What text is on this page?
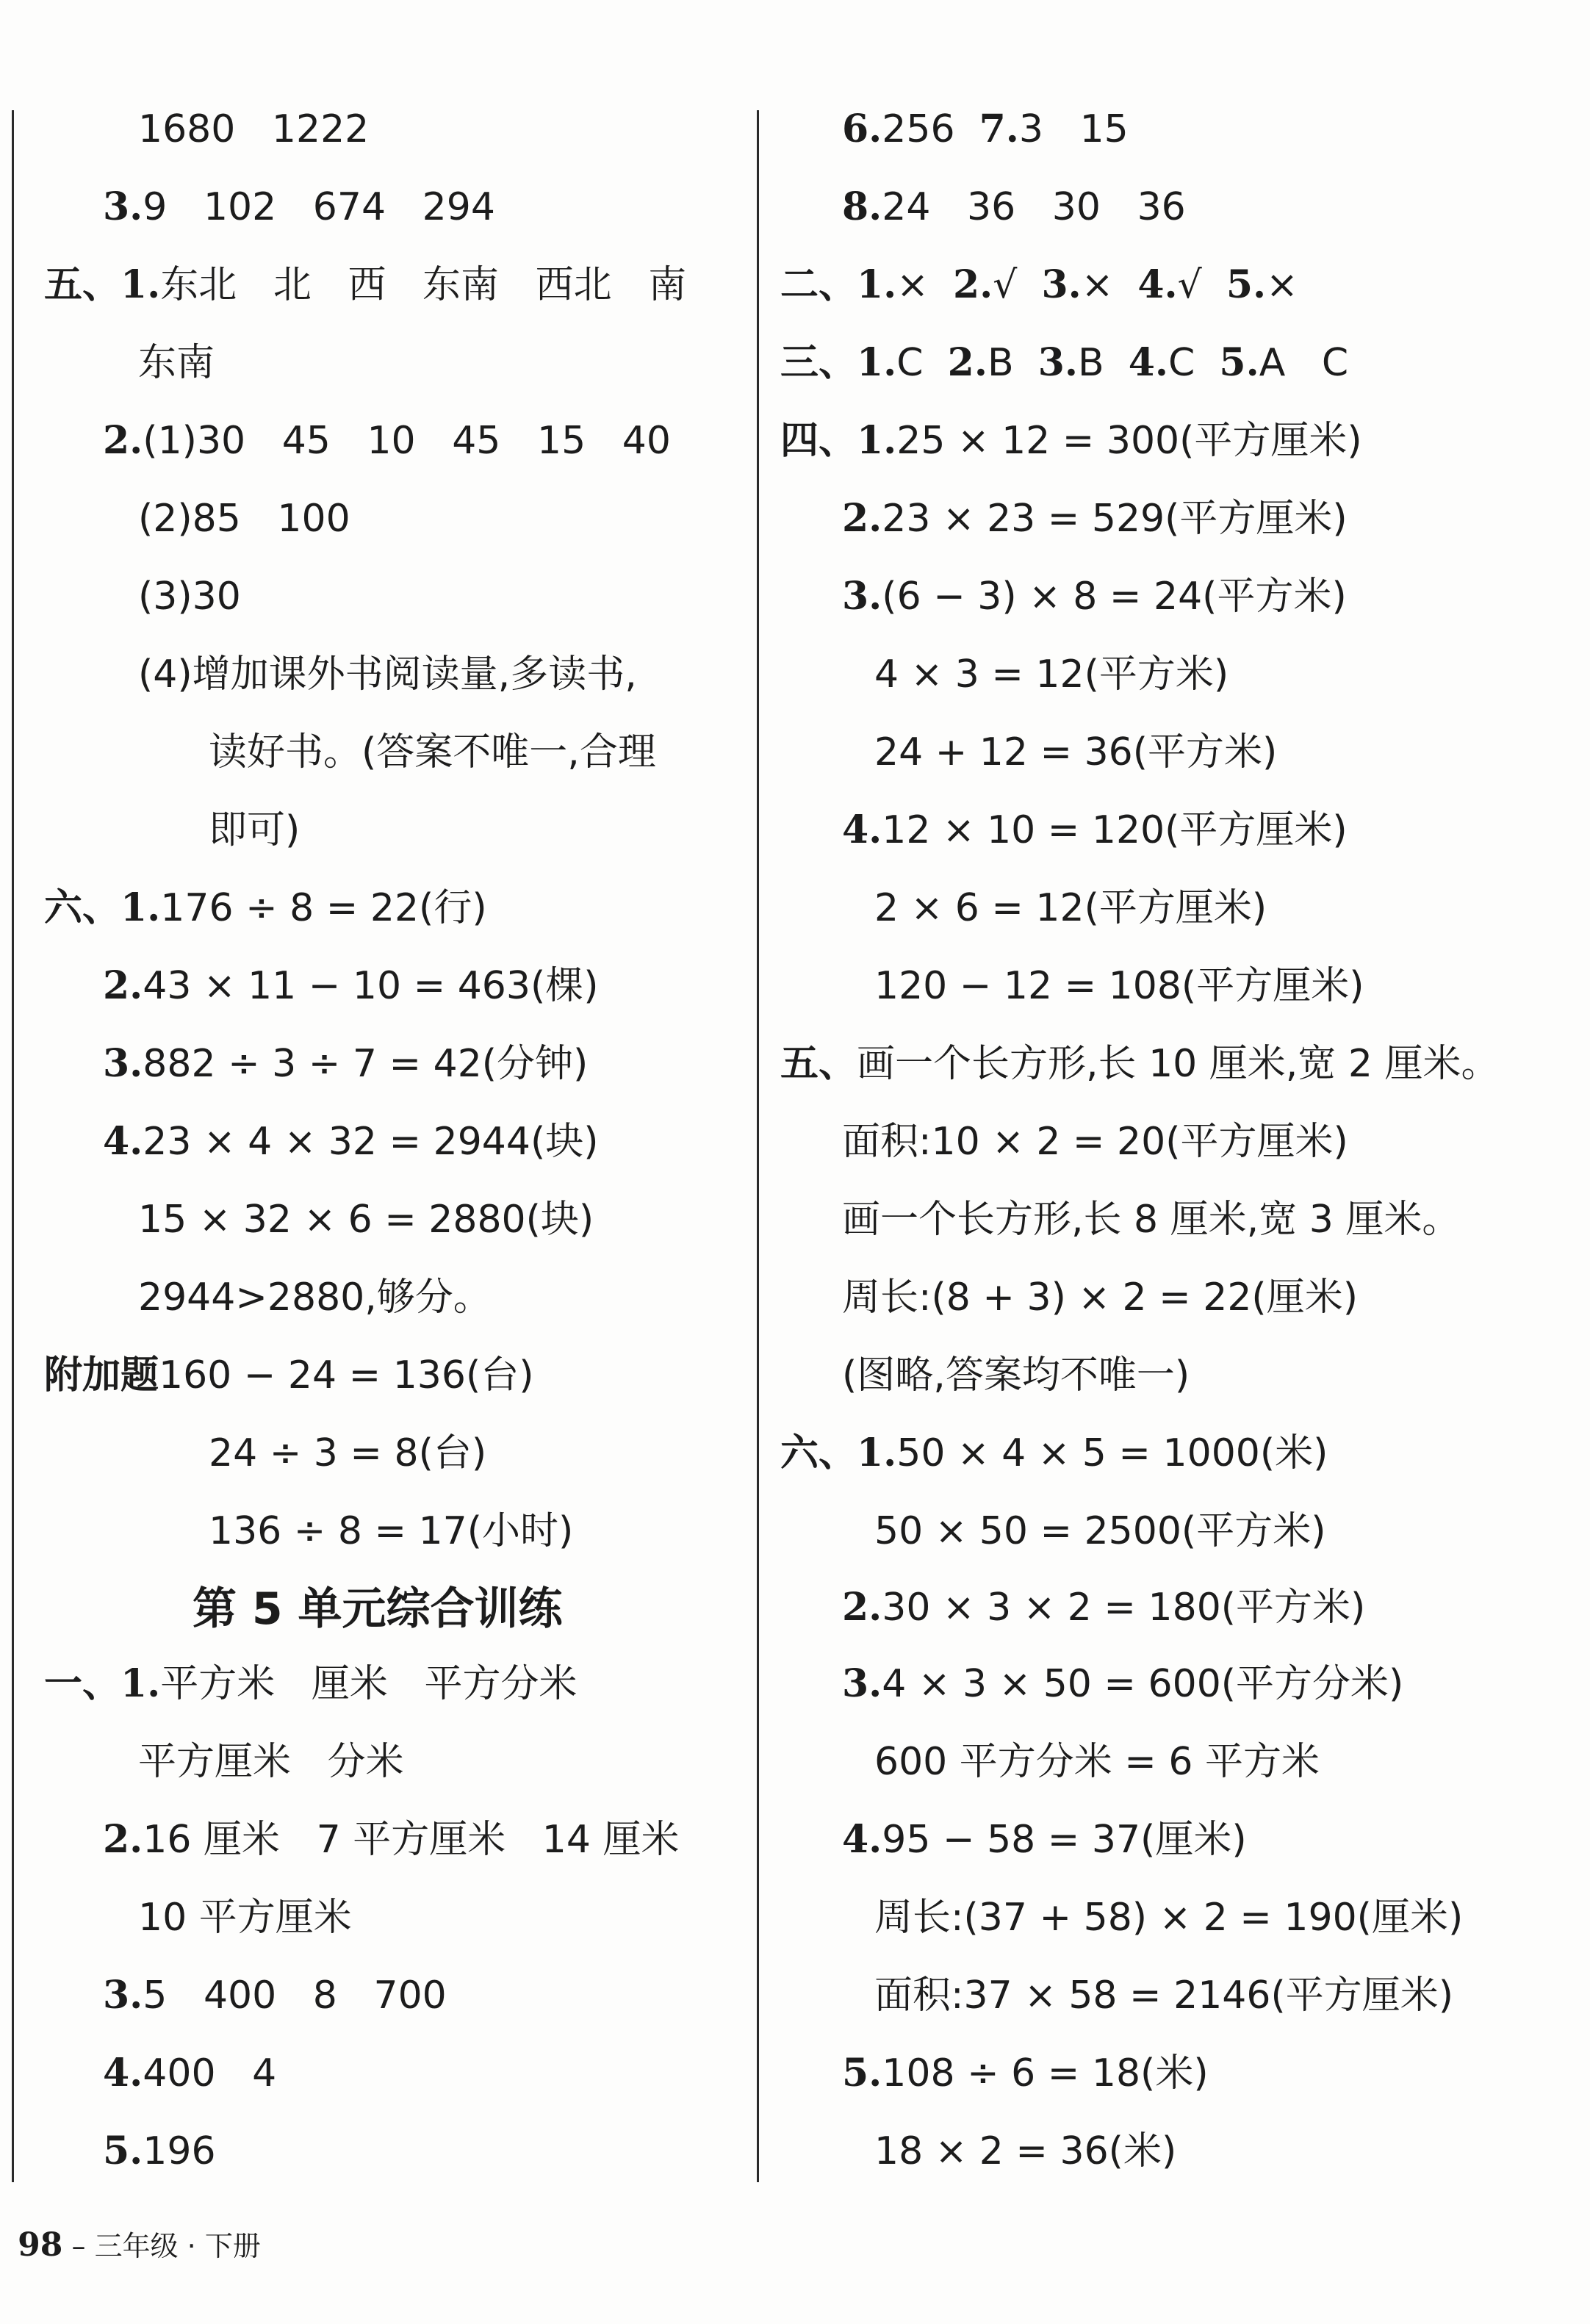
1680   1222
3.9   102   674   294
五、1.东北   北   西   东南   西北   南
东南
2.(1)30   45   10   45   15   40
(2)85   100
(3)30
(4)增加课外书阅读量,多读书,
读好书。(答案不唯一,合理
即可)
六、1.176 ÷ 8 = 22(行)
2.43 × 11 − 10 = 463(棵)
3.882 ÷ 3 ÷ 7 = 42(分钟)
4.23 × 4 × 32 = 2944(块)
15 × 32 × 6 = 2880(块)
2944>2880,够分。
附加题160 − 24 = 136(台)
24 ÷ 3 = 8(台)
136 ÷ 8 = 17(小时)
一、1.平方米   厘米   平方分米
平方厘米   分米
2.16 厘米   7 平方厘米   14 厘米
10 平方厘米
3.5   400   8   700
4.400   4
5.196
第 5 单元综合训练
6.256  7.3   15
8.24   36   30   36
二、1.×  2.√  3.×  4.√  5.×
三、1.C  2.B  3.B  4.C  5.A   C
四、1.25 × 12 = 300(平方厘米)
2.23 × 23 = 529(平方厘米)
3.(6 − 3) × 8 = 24(平方米)
4 × 3 = 12(平方米)
24 + 12 = 36(平方米)
4.12 × 10 = 120(平方厘米)
2 × 6 = 12(平方厘米)
120 − 12 = 108(平方厘米)
五、画一个长方形,长 10 厘米,宽 2 厘米。
面积:10 × 2 = 20(平方厘米)
画一个长方形,长 8 厘米,宽 3 厘米。
周长:(8 + 3) × 2 = 22(厘米)
(图略,答案均不唯一)
六、1.50 × 4 × 5 = 1000(米)
50 × 50 = 2500(平方米)
2.30 × 3 × 2 = 180(平方米)
3.4 × 3 × 50 = 600(平方分米)
600 平方分米 = 6 平方米
4.95 − 58 = 37(厘米)
周长:(37 + 58) × 2 = 190(厘米)
面积:37 × 58 = 2146(平方厘米)
5.108 ÷ 6 = 18(米)
18 × 2 = 36(米)

98 – 三年级 · 下册
